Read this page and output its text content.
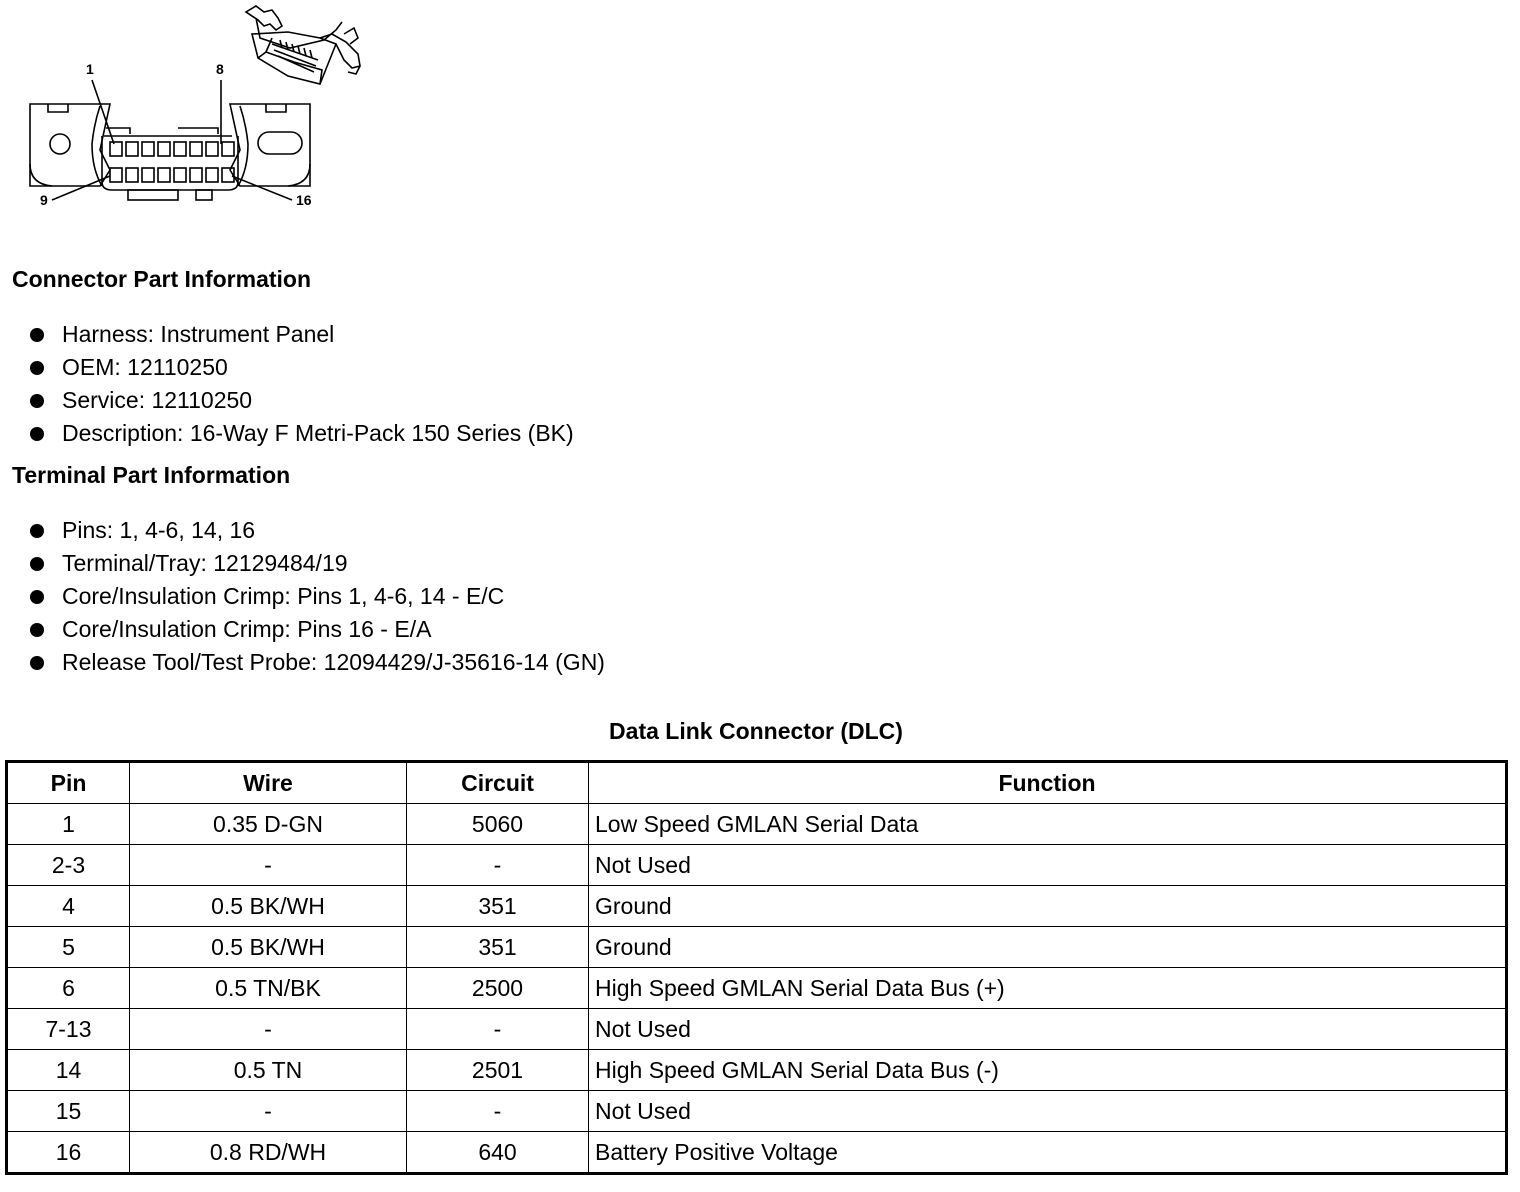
1	8
9	16
Connector Part Information
Harness: Instrument Panel
OEM: 12110250
Service: 12110250
Description: 16-Way F Metri-Pack 150 Series (BK)
Terminal Part Information
Pins: 1, 4-6, 14, 16
Terminal/Tray: 12129484/19
Core/Insulation Crimp: Pins 1, 4-6, 14 - E/C
Core/Insulation Crimp: Pins 16 - E/A
Release Tool/Test Probe: 12094429/J-35616-14 (GN)
Data Link Connector (DLC)
Pin	Wire	Circuit	Function
1	0.35 D-GN	5060	Low Speed GMLAN Serial Data
2-3	-	-	Not Used
4	0.5 BK/WH	351	Ground
5	0.5 BK/WH	351	Ground
6	0.5 TN/BK	2500	High Speed GMLAN Serial Data Bus (+)
7-13	-	-	Not Used
14	0.5 TN	2501	High Speed GMLAN Serial Data Bus (-)
15	-	-	Not Used
16	0.8 RD/WH	640	Battery Positive Voltage
